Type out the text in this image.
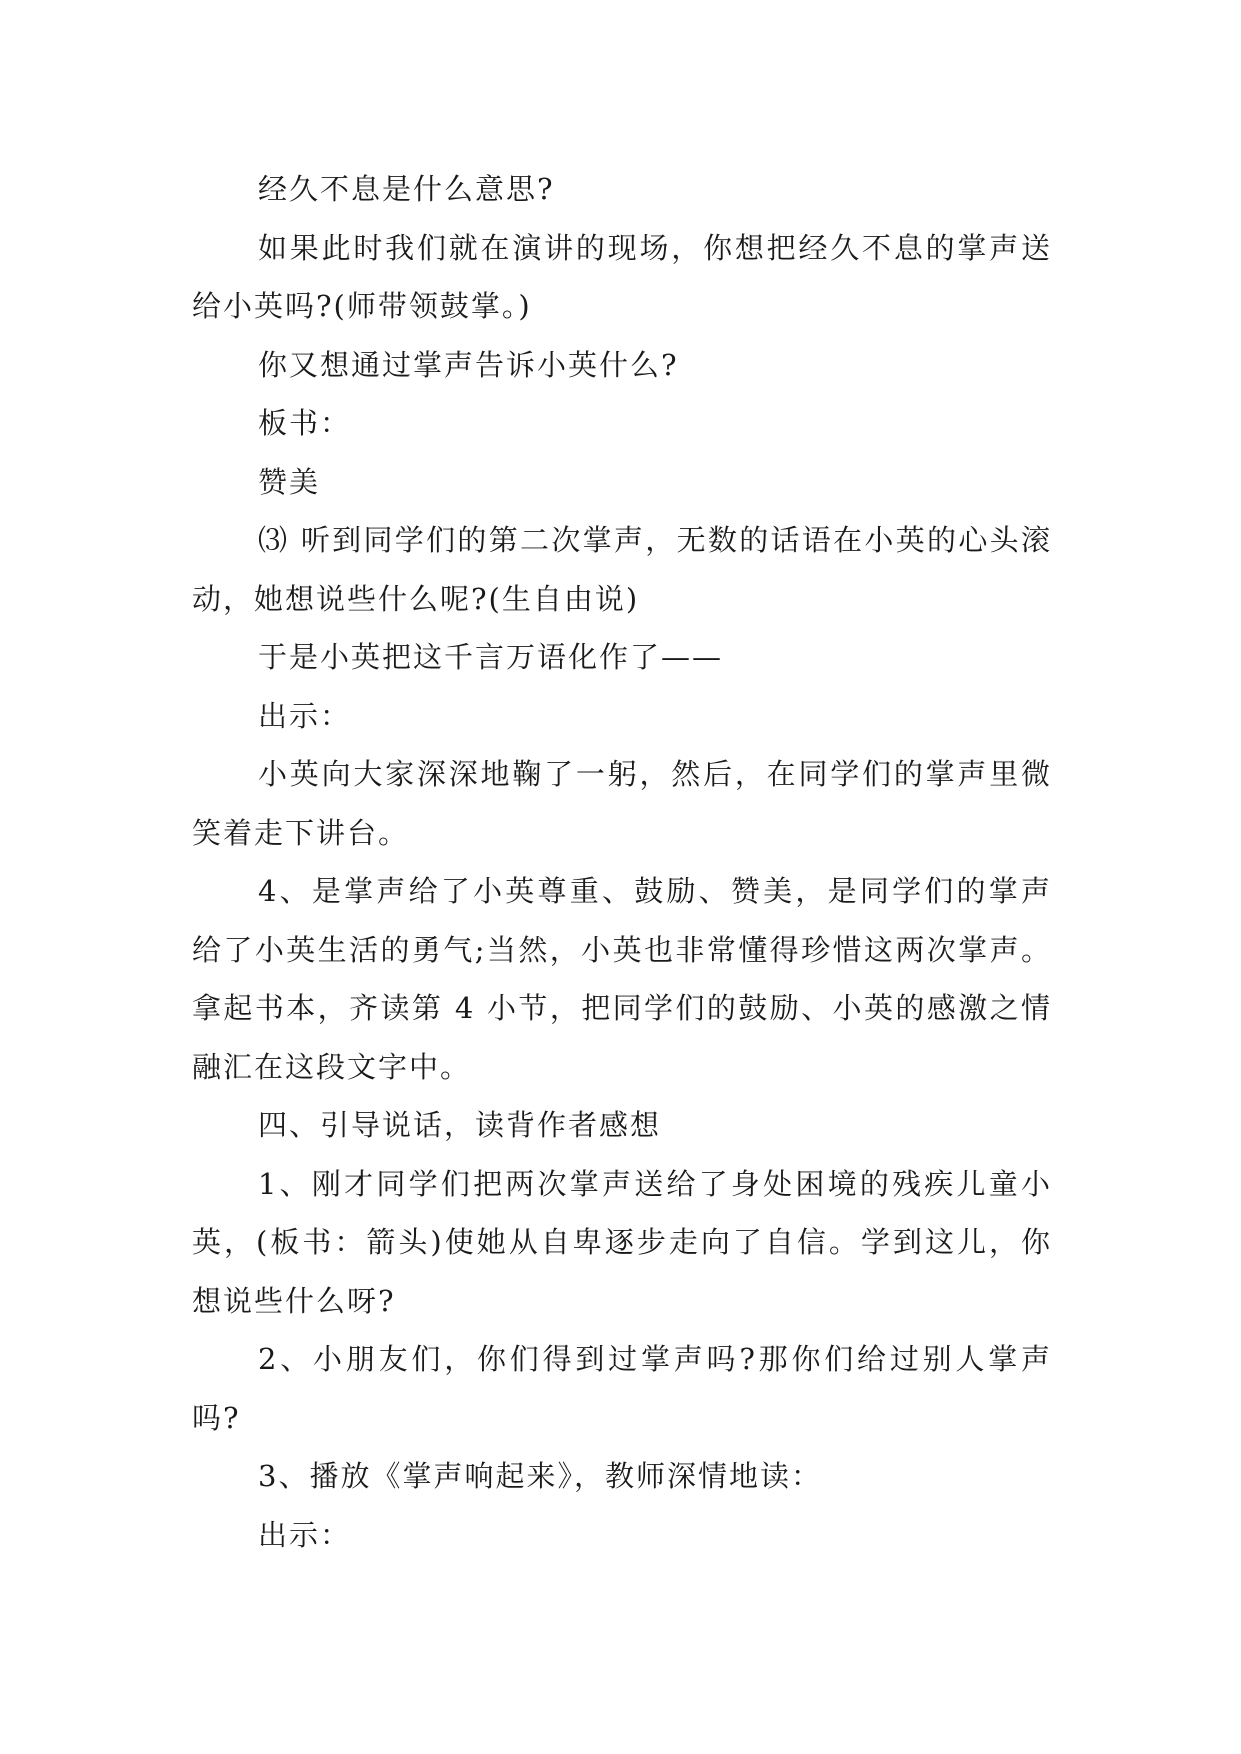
经久不息是什么意思?

如果此时我们就在演讲的现场，你想把经久不息的掌声送给小英吗?(师带领鼓掌。)

你又想通过掌声告诉小英什么?

板书：

赞美

⑶ 听到同学们的第二次掌声，无数的话语在小英的心头滚动，她想说些什么呢?(生自由说)

于是小英把这千言万语化作了——

出示：

小英向大家深深地鞠了一躬，然后，在同学们的掌声里微笑着走下讲台。

4、是掌声给了小英尊重、鼓励、赞美，是同学们的掌声给了小英生活的勇气;当然，小英也非常懂得珍惜这两次掌声。拿起书本，齐读第 4 小节，把同学们的鼓励、小英的感激之情融汇在这段文字中。

四、引导说话，读背作者感想

1、刚才同学们把两次掌声送给了身处困境的残疾儿童小英，(板书：箭头)使她从自卑逐步走向了自信。学到这儿，你想说些什么呀?

2、小朋友们，你们得到过掌声吗?那你们给过别人掌声吗?

3、播放《掌声响起来》，教师深情地读：

出示：
